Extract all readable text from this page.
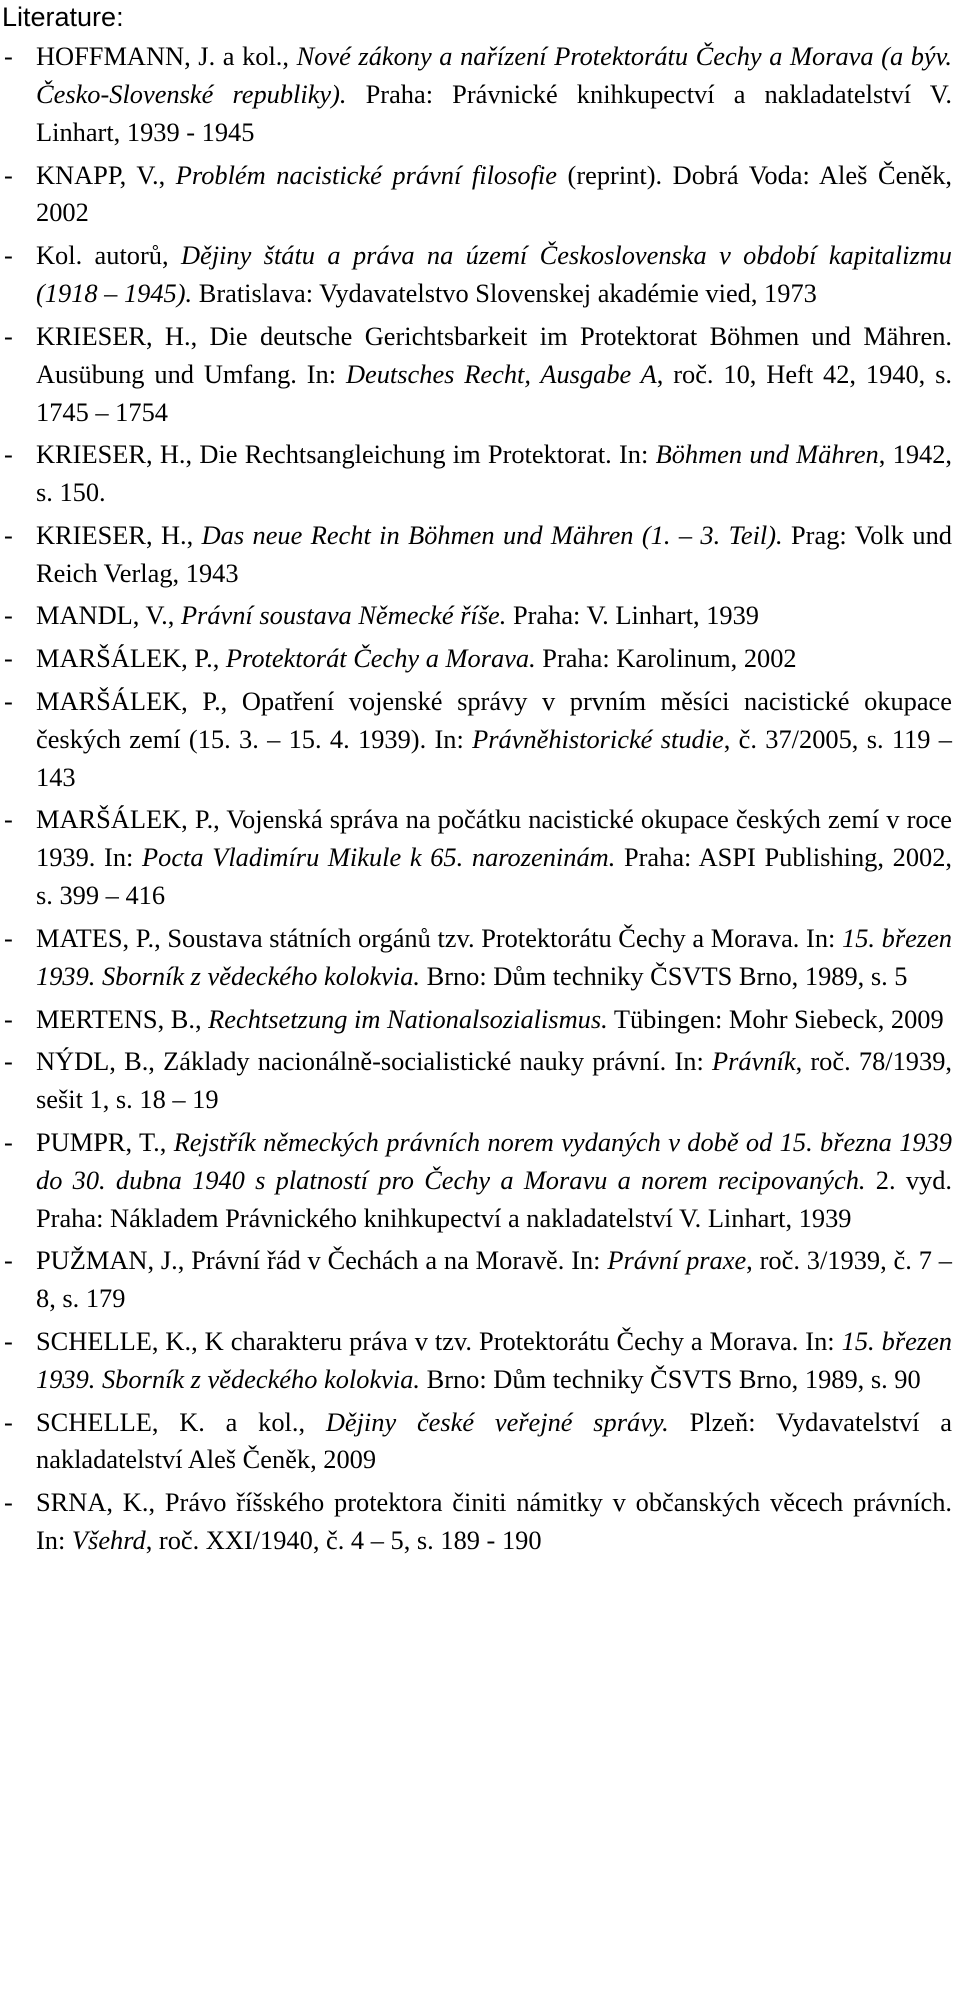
Literature:
- HOFFMANN, J. a kol., Nové zákony a nařízení Protektorátu Čechy a Morava (a býv. Česko-Slovenské republiky). Praha: Právnické knihkupectví a nakladatelství V. Linhart, 1939 - 1945
- KNAPP, V., Problém nacistické právní filosofie (reprint). Dobrá Voda: Aleš Čeněk, 2002
- Kol. autorů, Dějiny štátu a práva na území Československa v období kapitalizmu (1918 – 1945). Bratislava: Vydavatelstvo Slovenskej akadémie vied, 1973
- KRIESER, H., Die deutsche Gerichtsbarkeit im Protektorat Böhmen und Mähren. Ausübung und Umfang. In: Deutsches Recht, Ausgabe A, roč. 10, Heft 42, 1940, s. 1745 – 1754
- KRIESER, H., Die Rechtsangleichung im Protektorat. In: Böhmen und Mähren, 1942, s. 150.
- KRIESER, H., Das neue Recht in Böhmen und Mähren (1. – 3. Teil). Prag: Volk und Reich Verlag, 1943
- MANDL, V., Právní soustava Německé říše. Praha: V. Linhart, 1939
- MARŠÁLEK, P., Protektorát Čechy a Morava. Praha: Karolinum, 2002
- MARŠÁLEK, P., Opatření vojenské správy v prvním měsíci nacistické okupace českých zemí (15. 3. – 15. 4. 1939). In: Právněhistorické studie, č. 37/2005, s. 119 – 143
- MARŠÁLEK, P., Vojenská správa na počátku nacistické okupace českých zemí v roce 1939. In: Pocta Vladimíru Mikule k 65. narozeninám. Praha: ASPI Publishing, 2002, s. 399 – 416
- MATES, P., Soustava státních orgánů tzv. Protektorátu Čechy a Morava. In: 15. březen 1939. Sborník z vědeckého kolokvia. Brno: Dům techniky ČSVTS Brno, 1989, s. 5
- MERTENS, B., Rechtsetzung im Nationalsozialismus. Tübingen: Mohr Siebeck, 2009
- NÝDL, B., Základy nacionálně-socialistické nauky právní. In: Právník, roč. 78/1939, sešit 1, s. 18 – 19
- PUMPR, T., Rejstřík německých právních norem vydaných v době od 15. března 1939 do 30. dubna 1940 s platností pro Čechy a Moravu a norem recipovaných. 2. vyd. Praha: Nákladem Právnického knihkupectví a nakladatelství V. Linhart, 1939
- PUŽMAN, J., Právní řád v Čechách a na Moravě. In: Právní praxe, roč. 3/1939, č. 7 – 8, s. 179
- SCHELLE, K., K charakteru práva v tzv. Protektorátu Čechy a Morava. In: 15. březen 1939. Sborník z vědeckého kolokvia. Brno: Dům techniky ČSVTS Brno, 1989, s. 90
- SCHELLE, K. a kol., Dějiny české veřejné správy. Plzeň: Vydavatelství a nakladatelství Aleš Čeněk, 2009
- SRNA, K., Právo říšského protektora činiti námitky v občanských věcech právních. In: Všehrd, roč. XXI/1940, č. 4 – 5, s. 189 - 190
